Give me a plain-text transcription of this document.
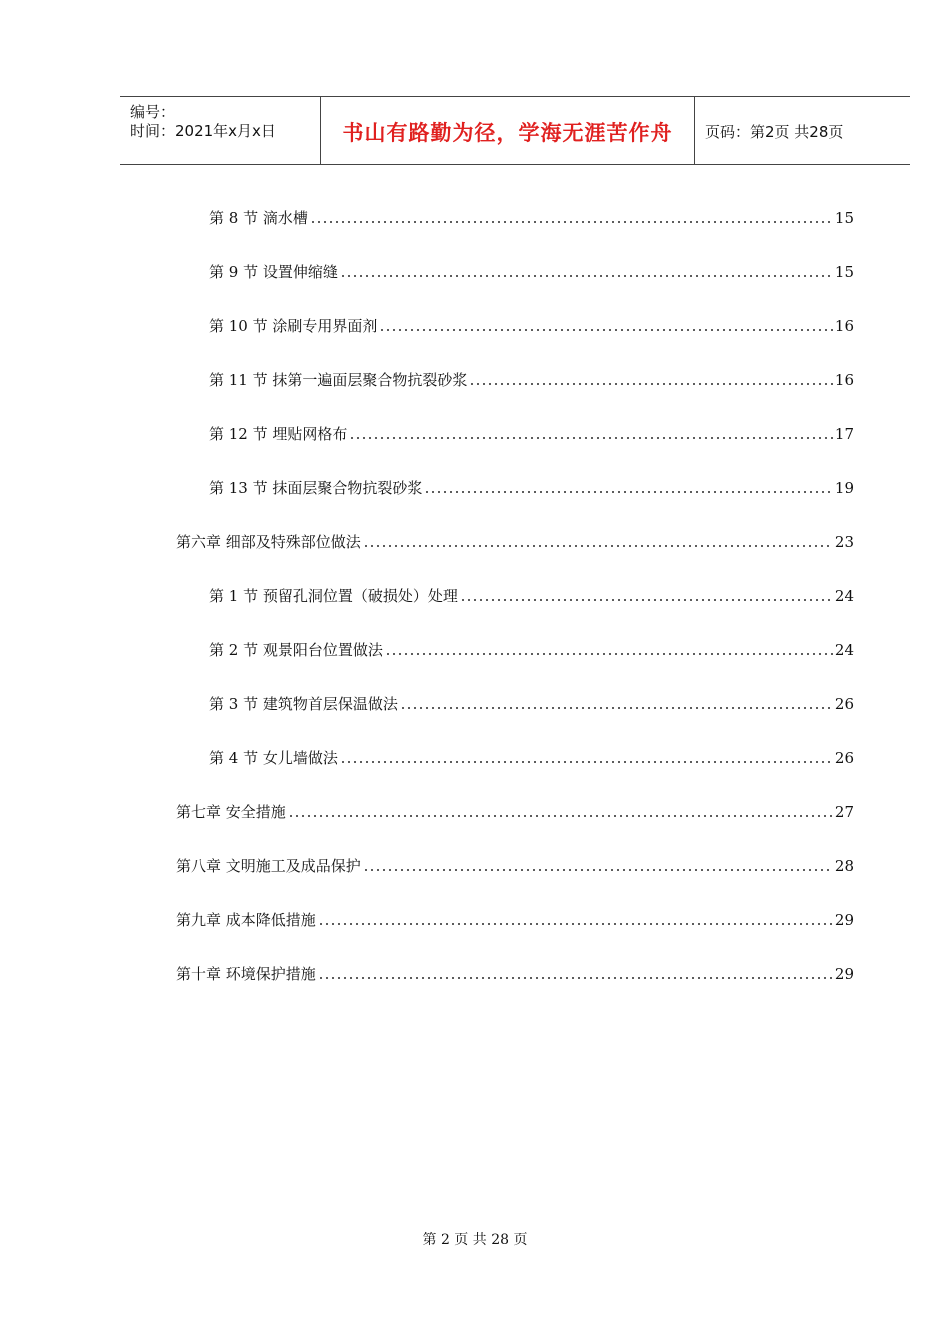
编号：
时间：2021年x月x日	书山有路勤为径，学海无涯苦作舟	页码：第2页 共28页
第 8 节 滴水槽	15
第 9 节 设置伸缩缝	15
第 10 节 涂刷专用界面剂	16
第 11 节 抹第一遍面层聚合物抗裂砂浆	16
第 12 节 埋贴网格布	17
第 13 节 抹面层聚合物抗裂砂浆	19
第六章 细部及特殊部位做法	23
第 1 节 预留孔洞位置（破损处）处理	24
第 2 节 观景阳台位置做法	24
第 3 节 建筑物首层保温做法	26
第 4 节 女儿墙做法	26
第七章 安全措施	27
第八章 文明施工及成品保护	28
第九章 成本降低措施	29
第十章 环境保护措施	29
第 2 页 共 28 页
